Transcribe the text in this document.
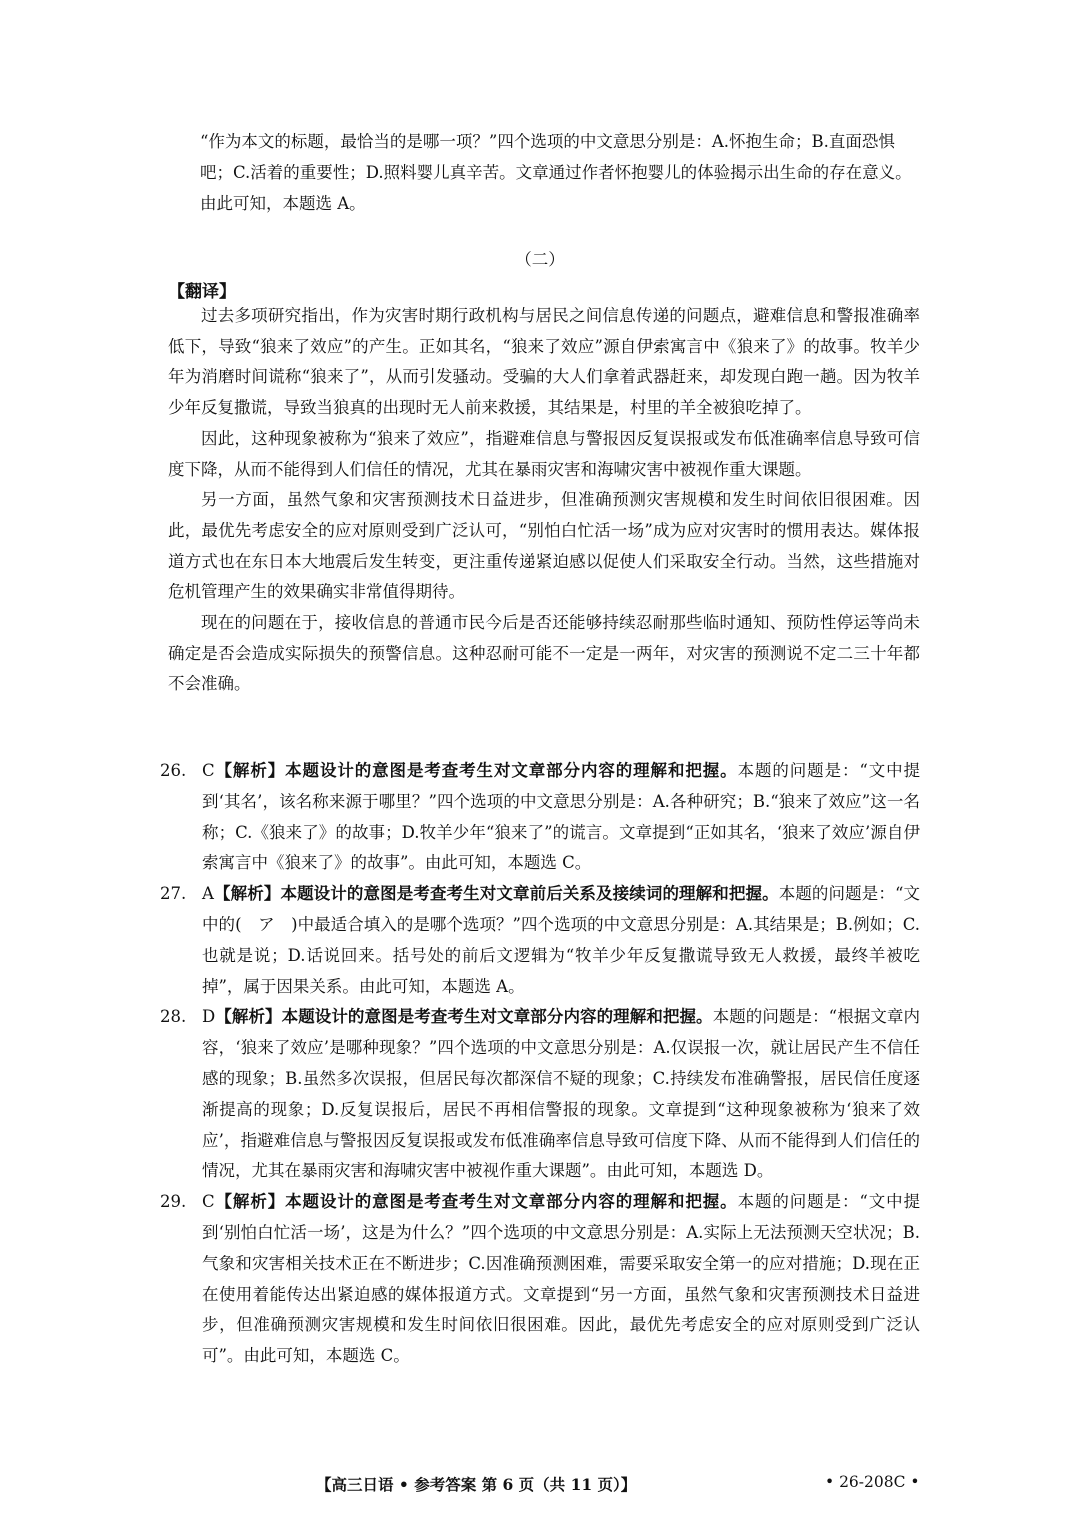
“作为本文的标题，最恰当的是哪一项？”四个选项的中文意思分别是：A.怀抱生命；B.直面恐惧吧；C.活着的重要性；D.照料婴儿真辛苦。文章通过作者怀抱婴儿的体验揭示出生命的存在意义。由此可知，本题选 A。
（二）
【翻译】

过去多项研究指出，作为灾害时期行政机构与居民之间信息传递的问题点，避难信息和警报准确率低下，导致“狼来了效应”的产生。正如其名，“狼来了效应”源自伊索寓言中《狼来了》的故事。牧羊少年为消磨时间谎称“狼来了”，从而引发骚动。受骗的大人们拿着武器赶来，却发现白跑一趟。因为牧羊少年反复撒谎，导致当狼真的出现时无人前来救援，其结果是，村里的羊全被狼吃掉了。

因此，这种现象被称为“狼来了效应”，指避难信息与警报因反复误报或发布低准确率信息导致可信度下降，从而不能得到人们信任的情况，尤其在暴雨灾害和海啸灾害中被视作重大课题。

另一方面，虽然气象和灾害预测技术日益进步，但准确预测灾害规模和发生时间依旧很困难。因此，最优先考虑安全的应对原则受到广泛认可，“别怕白忙活一场”成为应对灾害时的惯用表达。媒体报道方式也在东日本大地震后发生转变，更注重传递紧迫感以促使人们采取安全行动。当然，这些措施对危机管理产生的效果确实非常值得期待。

现在的问题在于，接收信息的普通市民今后是否还能够持续忍耐那些临时通知、预防性停运等尚未确定是否会造成实际损失的预警信息。这种忍耐可能不一定是一两年，对灾害的预测说不定二三十年都不会准确。

26. C【解析】本题设计的意图是考查考生对文章部分内容的理解和把握。本题的问题是：“文中提到‘其名’，该名称来源于哪里？”四个选项的中文意思分别是：A.各种研究；B.“狼来了效应”这一名称；C.《狼来了》的故事；D.牧羊少年“狼来了”的谎言。文章提到“正如其名，‘狼来了效应’源自伊索寓言中《狼来了》的故事”。由此可知，本题选 C。
27. A【解析】本题设计的意图是考查考生对文章前后关系及接续词的理解和把握。本题的问题是：“文中的(　ア　)中最适合填入的是哪个选项？”四个选项的中文意思分别是：A.其结果是；B.例如；C.也就是说；D.话说回来。括号处的前后文逻辑为“牧羊少年反复撒谎导致无人救援，最终羊被吃掉”，属于因果关系。由此可知，本题选 A。
28. D【解析】本题设计的意图是考查考生对文章部分内容的理解和把握。本题的问题是：“根据文章内容，‘狼来了效应’是哪种现象？”四个选项的中文意思分别是：A.仅误报一次，就让居民产生不信任感的现象；B.虽然多次误报，但居民每次都深信不疑的现象；C.持续发布准确警报，居民信任度逐渐提高的现象；D.反复误报后，居民不再相信警报的现象。文章提到“这种现象被称为‘狼来了效应’，指避难信息与警报因反复误报或发布低准确率信息导致可信度下降、从而不能得到人们信任的情况，尤其在暴雨灾害和海啸灾害中被视作重大课题”。由此可知，本题选 D。
29. C【解析】本题设计的意图是考查考生对文章部分内容的理解和把握。本题的问题是：“文中提到‘别怕白忙活一场’，这是为什么？”四个选项的中文意思分别是：A.实际上无法预测天空状况；B.气象和灾害相关技术正在不断进步；C.因准确预测困难，需要采取安全第一的应对措施；D.现在正在使用着能传达出紧迫感的媒体报道方式。文章提到“另一方面，虽然气象和灾害预测技术日益进步，但准确预测灾害规模和发生时间依旧很困难。因此，最优先考虑安全的应对原则受到广泛认可”。由此可知，本题选 C。
【高三日语 • 参考答案 第 6 页（共 11 页）】	• 26-208C •
